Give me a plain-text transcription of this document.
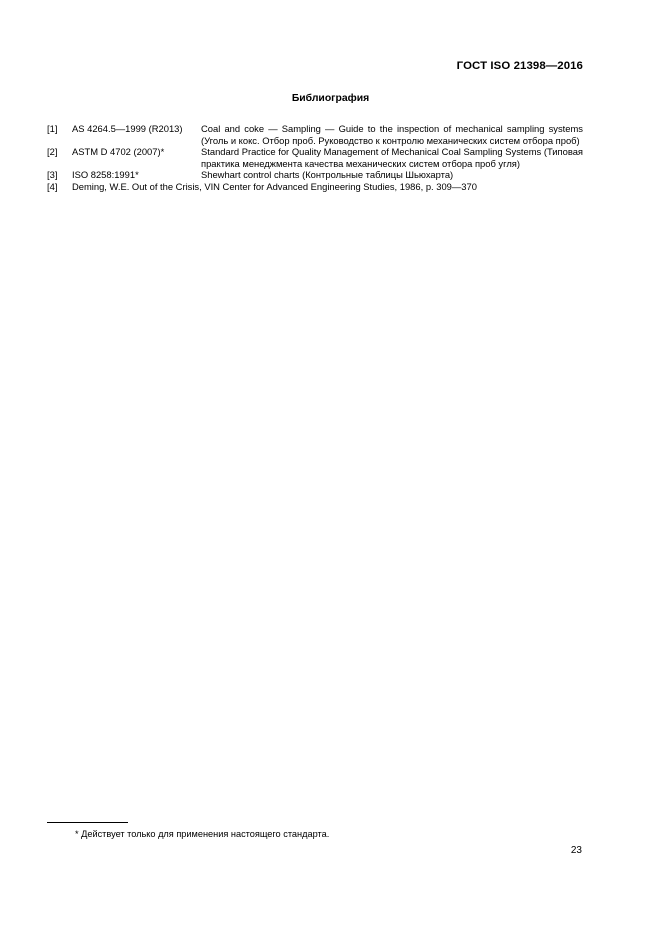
ГОСТ ISO 21398—2016
Библиография
[1]	AS 4264.5—1999 (R2013)	Coal and coke — Sampling — Guide to the inspection of mechanical sampling systems (Уголь и кокс. Отбор проб. Руководство к контролю механических систем отбора проб)
[2]	ASTM D 4702 (2007)*	Standard Practice for Quality Management of Mechanical Coal Sampling Systems (Типовая практика менеджмента качества механических систем отбора проб угля)
[3]	ISO 8258:1991*	Shewhart control charts (Контрольные таблицы Шьюхарта)
[4]	Deming, W.E. Out of the Crisis, VIN Center for Advanced Engineering Studies, 1986, p. 309—370
* Действует только для применения настоящего стандарта.
23
